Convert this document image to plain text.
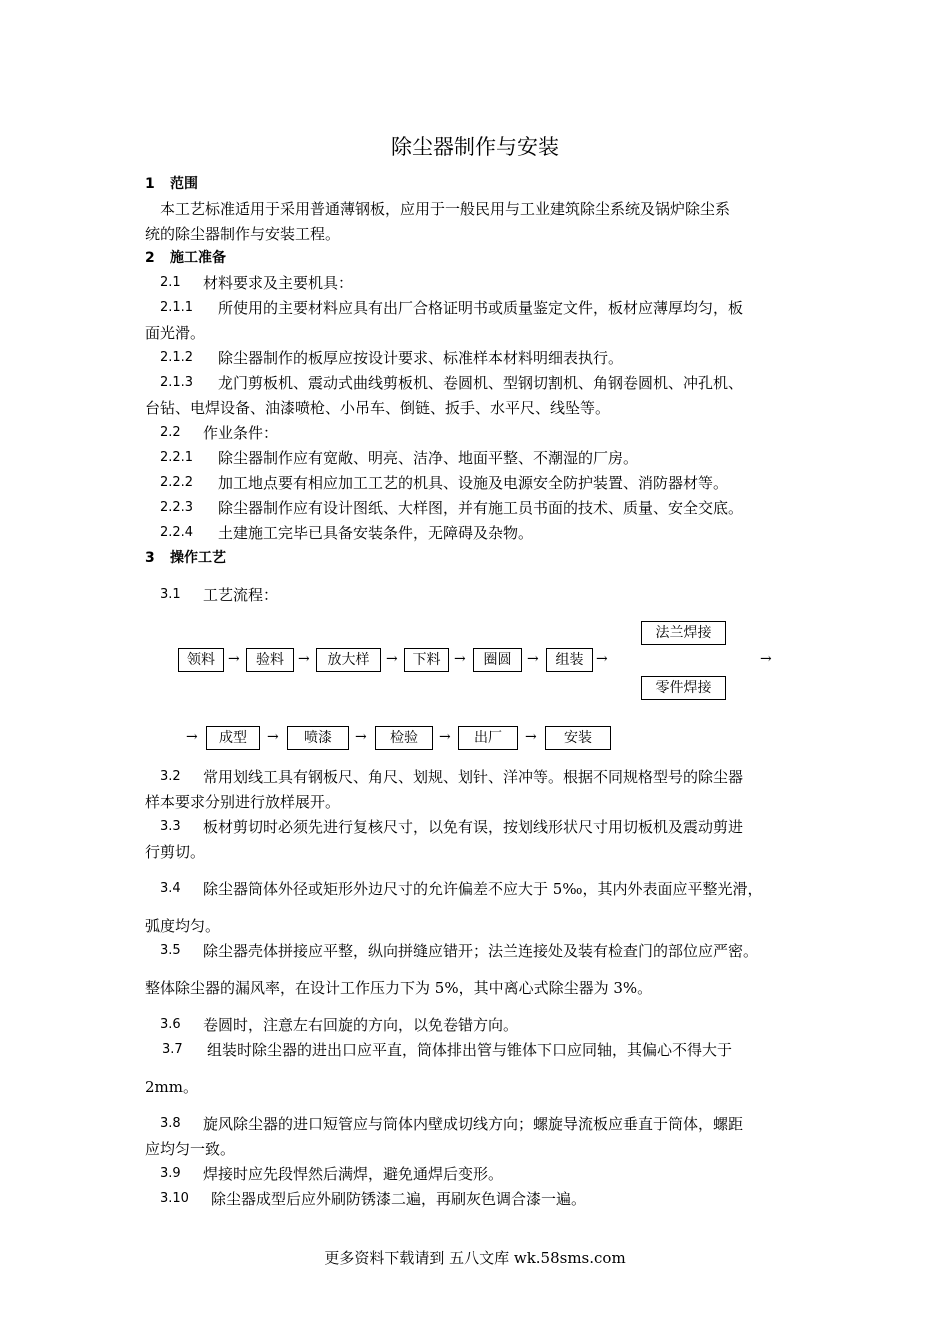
除尘器制作与安装
1 范围
本工艺标准适用于采用普通薄钢板，应用于一般民用与工业建筑除尘系统及锅炉除尘系
统的除尘器制作与安装工程。
2 施工准备
2.1 材料要求及主要机具：
2.1.1 所使用的主要材料应具有出厂合格证明书或质量鉴定文件，板材应薄厚均匀，板
面光滑。
2.1.2 除尘器制作的板厚应按设计要求、标准样本材料明细表执行。
2.1.3 龙门剪板机、震动式曲线剪板机、卷圆机、型钢切割机、角钢卷圆机、冲孔机、
台钻、电焊设备、油漆喷枪、小吊车、倒链、扳手、水平尺、线坠等。
2.2 作业条件：
2.2.1 除尘器制作应有宽敞、明亮、洁净、地面平整、不潮湿的厂房。
2.2.2 加工地点要有相应加工工艺的机具、设施及电源安全防护装置、消防器材等。
2.2.3 除尘器制作应有设计图纸、大样图，并有施工员书面的技术、质量、安全交底。
2.2.4 土建施工完毕已具备安装条件，无障碍及杂物。
3 操作工艺
3.1 工艺流程：
领料 →	验料	→	放大样	→	下料 →	圈圆	→	组装 →
法兰焊接
零件焊接
→
→	成型	→	喷漆	→	检验	→	出厂	→	安装
3.2 常用划线工具有钢板尺、角尺、划规、划针、洋冲等。根据不同规格型号的除尘器
样本要求分别进行放样展开。
3.3 板材剪切时必须先进行复核尺寸，以免有误，按划线形状尺寸用切板机及震动剪进
行剪切。
3.4 除尘器筒体外径或矩形外边尺寸的允许偏差不应大于 5‰，其内外表面应平整光滑，
弧度均匀。
3.5 除尘器壳体拼接应平整，纵向拼缝应错开；法兰连接处及装有检查门的部位应严密。
整体除尘器的漏风率，在设计工作压力下为 5%，其中离心式除尘器为 3%。
3.6 卷圆时，注意左右回旋的方向，以免卷错方向。
3.7 组装时除尘器的进出口应平直，筒体排出管与锥体下口应同轴，其偏心不得大于
2mm。
3.8 旋风除尘器的进口短管应与筒体内壁成切线方向；螺旋导流板应垂直于筒体，螺距
应均匀一致。
3.9 焊接时应先段悍然后满焊，避免通焊后变形。
3.10 除尘器成型后应外刷防锈漆二遍，再刷灰色调合漆一遍。
更多资料下载请到 五八文库 wk.58sms.com
